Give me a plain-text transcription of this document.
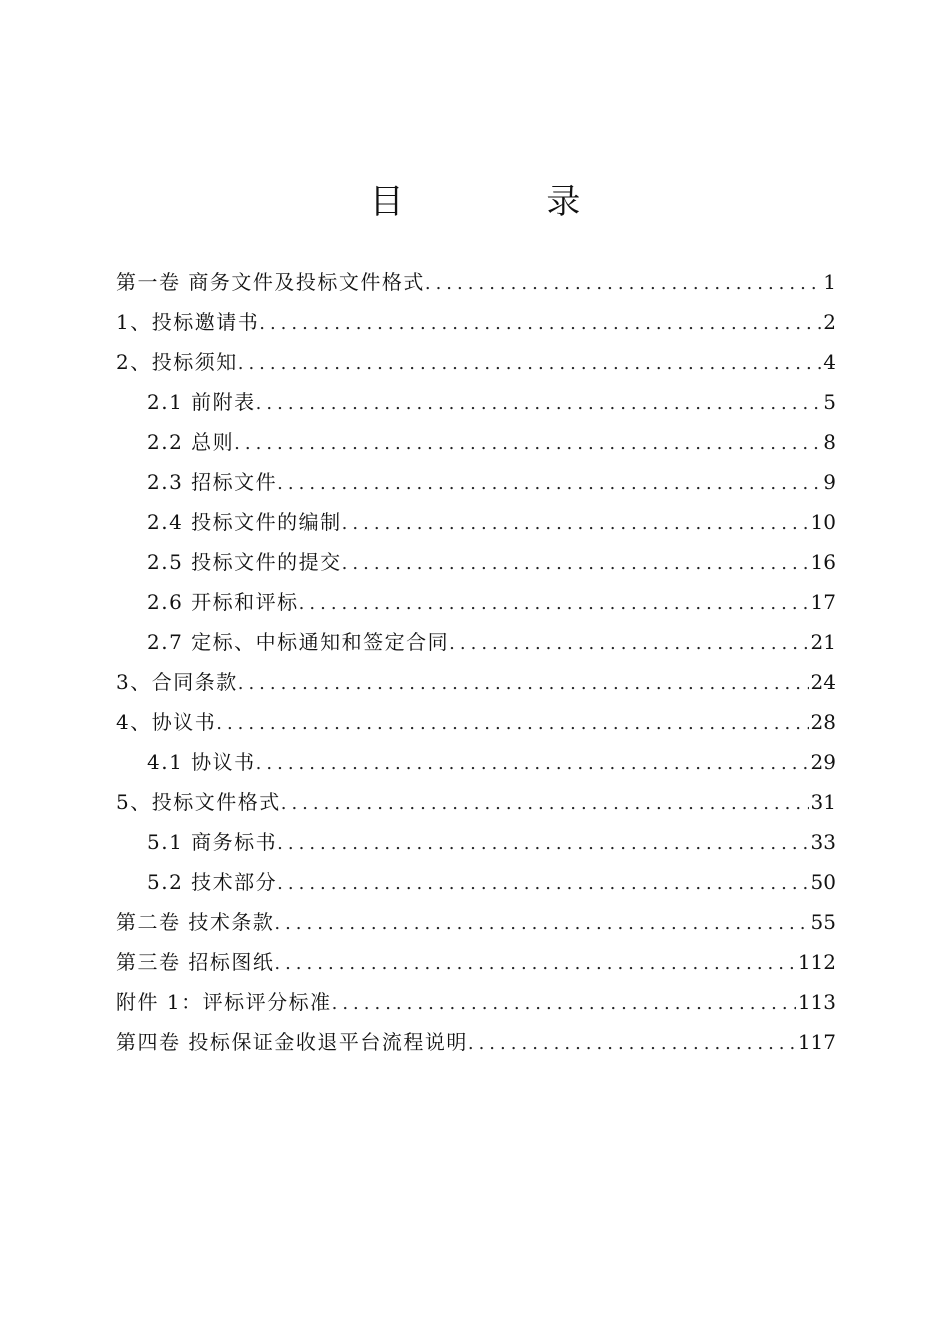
目 录
第一卷 商务文件及投标文件格式 .....	1
1、投标邀请书 .....	2
2、投标须知 .....	4
2.1 前附表 .....	5
2.2 总则 .....	8
2.3 招标文件 .....	9
2.4 投标文件的编制 .....	10
2.5 投标文件的提交 .....	16
2.6 开标和评标 .....	17
2.7 定标、中标通知和签定合同 .....	21
3、合同条款 .....	24
4、协议书 .....	28
4.1 协议书 .....	29
5、投标文件格式 .....	31
5.1 商务标书 .....	33
5.2 技术部分 .....	50
第二卷 技术条款 .....	55
第三卷 招标图纸 .....	112
附件 1：评标评分标准 .....	113
第四卷 投标保证金收退平台流程说明 .....	117
